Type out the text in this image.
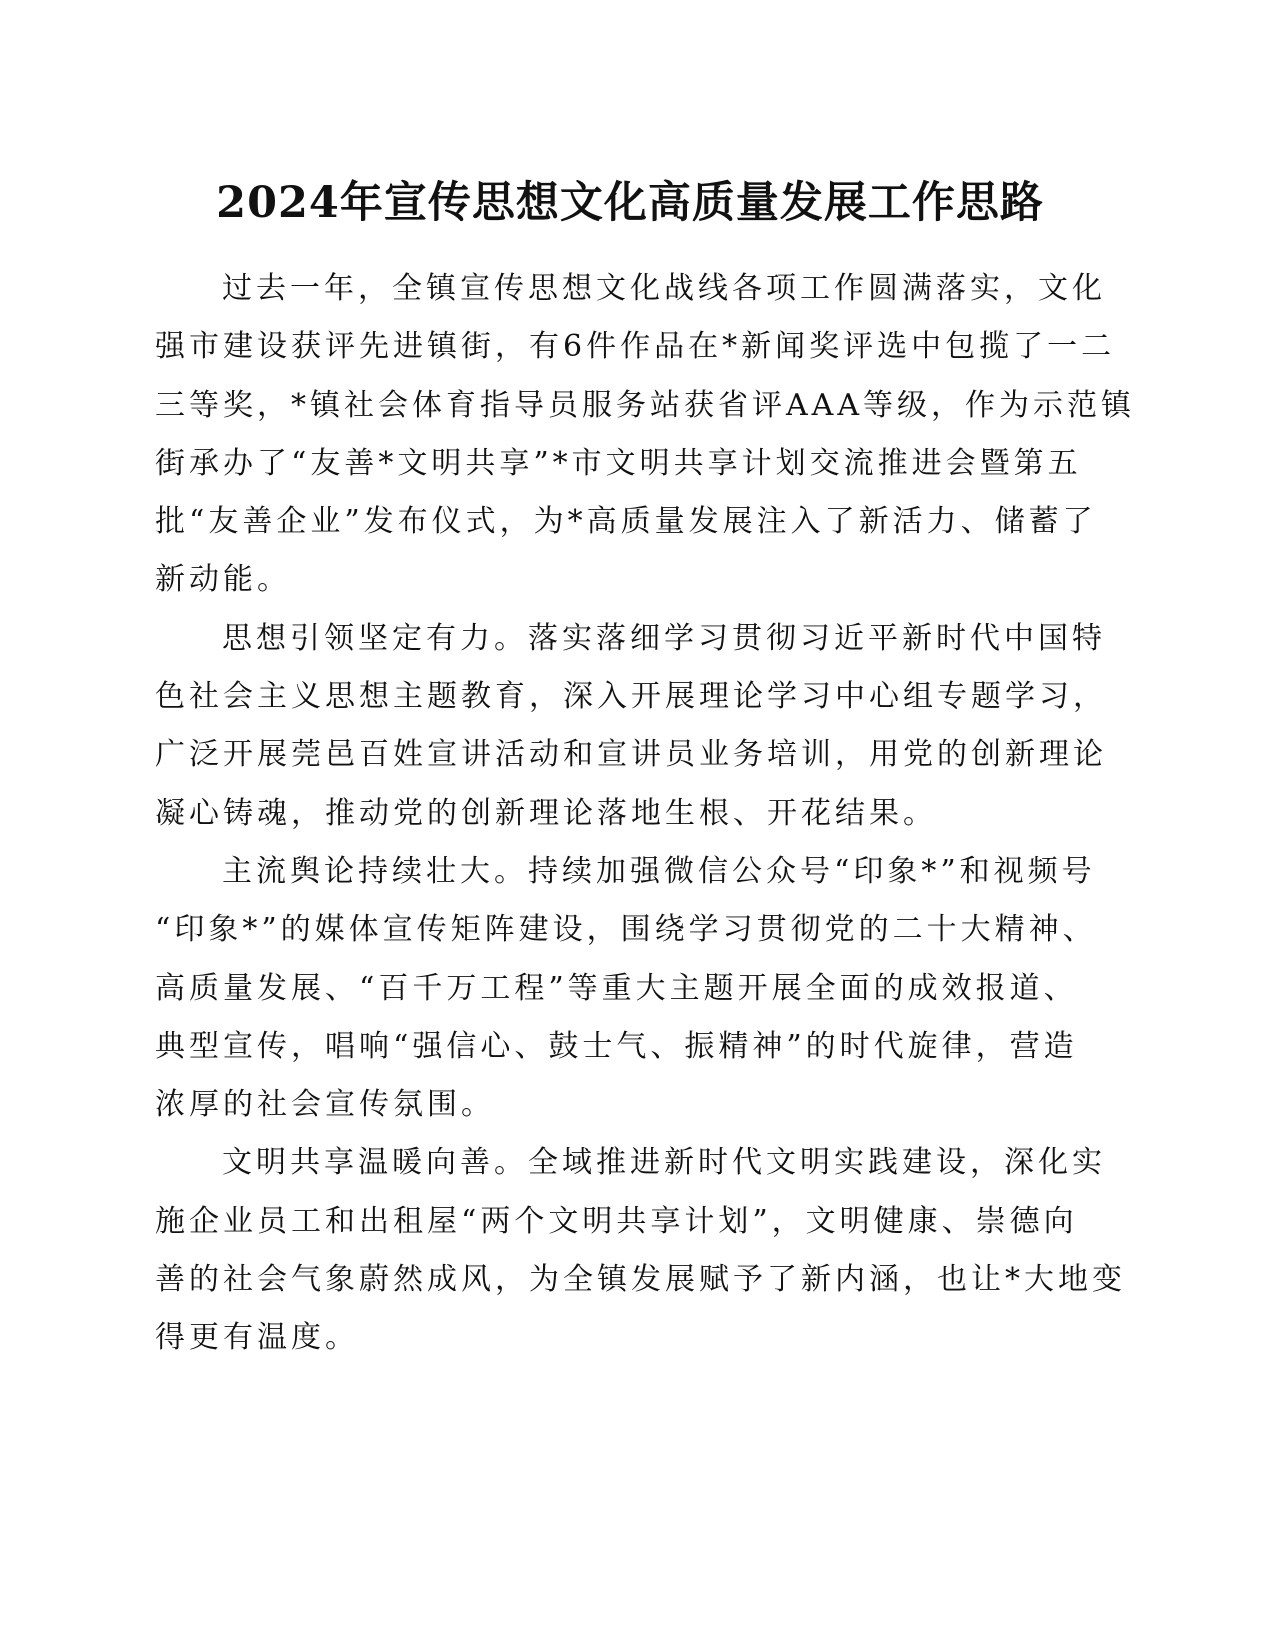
2024年宣传思想文化高质量发展工作思路
过去一年，全镇宣传思想文化战线各项工作圆满落实，文化
强市建设获评先进镇街，有6件作品在*新闻奖评选中包揽了一二
三等奖，*镇社会体育指导员服务站获省评AAA等级，作为示范镇
街承办了“友善*文明共享”*市文明共享计划交流推进会暨第五
批“友善企业”发布仪式，为*高质量发展注入了新活力、储蓄了
新动能。
思想引领坚定有力。落实落细学习贯彻习近平新时代中国特
色社会主义思想主题教育，深入开展理论学习中心组专题学习，
广泛开展莞邑百姓宣讲活动和宣讲员业务培训，用党的创新理论
凝心铸魂，推动党的创新理论落地生根、开花结果。
主流舆论持续壮大。持续加强微信公众号“印象*”和视频号
“印象*”的媒体宣传矩阵建设，围绕学习贯彻党的二十大精神、
高质量发展、“百千万工程”等重大主题开展全面的成效报道、
典型宣传，唱响“强信心、鼓士气、振精神”的时代旋律，营造
浓厚的社会宣传氛围。
文明共享温暖向善。全域推进新时代文明实践建设，深化实
施企业员工和出租屋“两个文明共享计划”，文明健康、崇德向
善的社会气象蔚然成风，为全镇发展赋予了新内涵，也让*大地变
得更有温度。
